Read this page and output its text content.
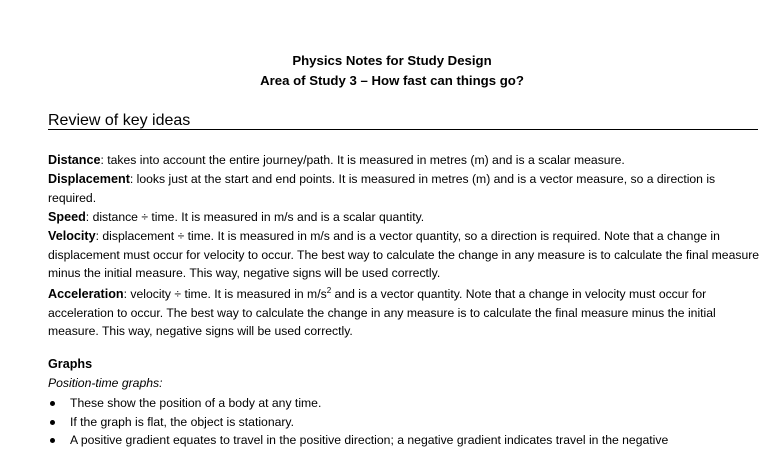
Physics Notes for Study Design
Area of Study 3 – How fast can things go?
Review of key ideas

Distance: takes into account the entire journey/path. It is measured in metres (m) and is a scalar measure.

Displacement: looks just at the start and end points. It is measured in metres (m) and is a vector measure, so a direction is required.

Speed: distance ÷ time. It is measured in m/s and is a scalar quantity.

Velocity: displacement ÷ time. It is measured in m/s and is a vector quantity, so a direction is required. Note that a change in displacement must occur for velocity to occur. The best way to calculate the change in any measure is to calculate the final measure minus the initial measure. This way, negative signs will be used correctly.

Acceleration: velocity ÷ time. It is measured in $m/s^2$ and is a vector quantity. Note that a change in velocity must occur for acceleration to occur. The best way to calculate the change in any measure is to calculate the final measure minus the initial measure. This way, negative signs will be used correctly.

Graphs
Position-time graphs:
These show the position of a body at any time.
If the graph is flat, the object is stationary.
A positive gradient equates to travel in the positive direction; a negative gradient indicates travel in the negative
